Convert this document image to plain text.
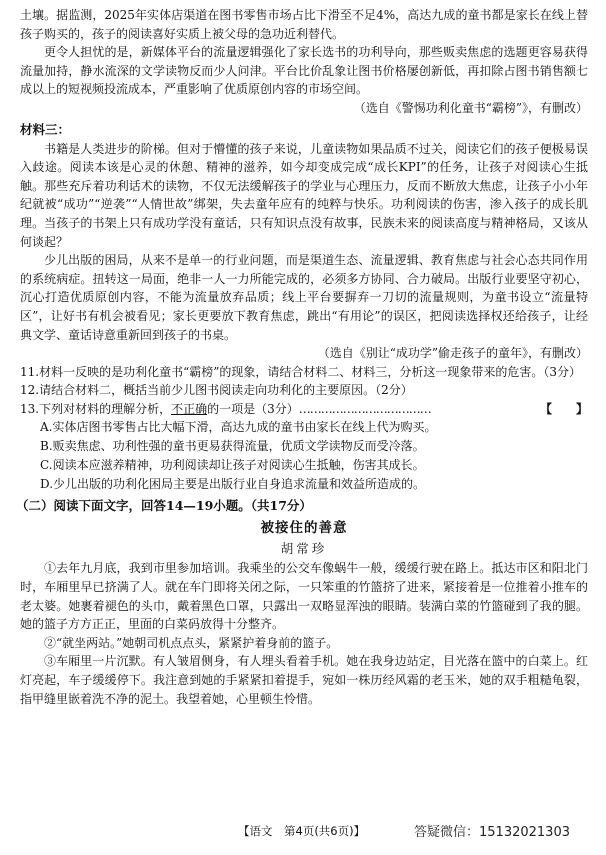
土壤。据监测，2025年实体店渠道在图书零售市场占比下滑至不足4%，高达九成的童书都是家长在线上替孩子购买的，孩子的阅读喜好实质上被父母的急功近利替代。

更令人担忧的是，新媒体平台的流量逻辑强化了家长选书的功利导向，那些贩卖焦虑的选题更容易获得流量加持，静水流深的文学读物反而少人问津。平台比价乱象让图书价格屡创新低，再扣除占图书销售额七成以上的短视频投流成本，严重影响了优质原创内容的市场空间。

（选自《警惕功利化童书“霸榜”》，有删改）
材料三：

书籍是人类进步的阶梯。但对于懵懂的孩子来说，儿童读物如果品质不过关，阅读它们的孩子便极易误入歧途。阅读本该是心灵的休憩、精神的滋养，如今却变成完成“成长KPI”的任务，让孩子对阅读心生抵触。那些充斥着功利话术的读物，不仅无法缓解孩子的学业与心理压力，反而不断放大焦虑，让孩子小小年纪就被“成功”“逆袭”“人情世故”绑架，失去童年应有的纯粹与快乐。功利阅读的伤害，渗入孩子的成长肌理。当孩子的书架上只有成功学没有童话，只有知识点没有故事，民族未来的阅读高度与精神格局，又该从何谈起？

少儿出版的困局，从来不是单一的行业问题，而是渠道生态、流量逻辑、教育焦虑与社会心态共同作用的系统病症。扭转这一局面，绝非一人一力所能完成的，必须多方协同、合力破局。出版行业要坚守初心，沉心打造优质原创内容，不能为流量放弃品质；线上平台要摒弃一刀切的流量规则，为童书设立“流量特区”，让好书有机会被看见；家长更要放下教育焦虑，跳出“有用论”的误区，把阅读选择权还给孩子，让经典文学、童话诗意重新回到孩子的书桌。

（选自《别让“成功学”偷走孩子的童年》，有删改）
11.材料一反映的是功利化童书“霸榜”的现象，请结合材料二、材料三，分析这一现象带来的危害。（3分）
12.请结合材料二，概括当前少儿图书阅读走向功利化的主要原因。（2分）
13.下列对材料的理解分析，不正确的一项是（3分）………………………………	【　　】
A.实体店图书零售占比大幅下滑，高达九成的童书由家长在线上代为购买。
B.贩卖焦虑、功利性强的童书更易获得流量，优质文学读物反而受冷落。
C.阅读本应滋养精神，功利阅读却让孩子对阅读心生抵触，伤害其成长。
D.少儿出版的功利化困局主要是出版行业自身追求流量和效益所造成的。
（二）阅读下面文字，回答14—19小题。（共17分）
被接住的善意
胡常珍

①去年九月底，我到市里参加培训。我乘坐的公交车像蜗牛一般，缓缓行驶在路上。抵达市区和阳北门时，车厢里早已挤满了人。就在车门即将关闭之际，一只笨重的竹篮挤了进来，紧接着是一位推着小推车的老太婆。她裹着褪色的头巾，戴着黑色口罩，只露出一双略显浑浊的眼睛。装满白菜的竹篮碰到了我的腿。她的篮子方方正正，里面的白菜码放得十分整齐。

②“就坐两站。”她朝司机点点头，紧紧护着身前的篮子。

③车厢里一片沉默。有人皱眉侧身，有人埋头看着手机。她在我身边站定，目光落在篮中的白菜上。红灯亮起，车子缓缓停下。我注意到她的手紧紧扣着提手，宛如一株历经风霜的老玉米，她的双手粗糙龟裂，指甲缝里嵌着洗不净的泥土。我望着她，心里顿生怜惜。

【语文　第4页(共6页)】	答疑微信：15132021303
